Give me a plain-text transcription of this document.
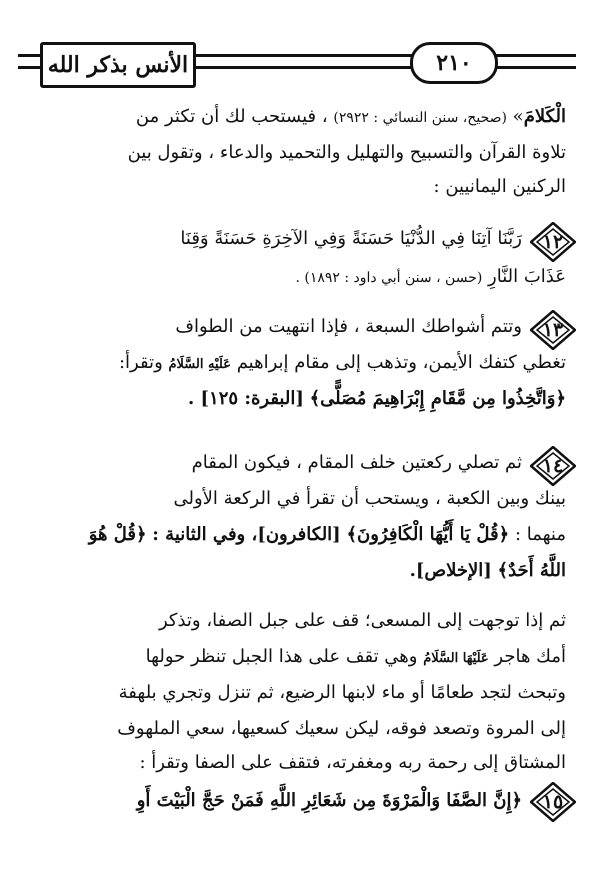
الأنس بذكر الله	٢١٠
الْكَلامَ» (صحيح، سنن النسائي : ٢٩٢٢) ، فيستحب لك أن تكثر من
تلاوة القرآن والتسبيح والتهليل والتحميد والدعاء ، وتقول بين
الركنين اليمانيين :
١٢
رَبَّنَا آتِنَا فِي الدُّنْيَا حَسَنَةً وَفِي الآخِرَةِ حَسَنَةً وَقِنَا
عَذَابَ النَّارِ (حسن ، سنن أبي داود : ١٨٩٢) .
١٣
وتتم أشواطك السبعة ، فإذا انتهيت من الطواف
تغطي كتفك الأيمن، وتذهب إلى مقام إبراهيم عَلَيْهِ السَّلَامُ وتقرأ:
﴿وَاتَّخِذُوا مِن مَّقَامِ إِبْرَاهِيمَ مُصَلًّى﴾ [البقرة: ١٢٥] .
١٤
ثم تصلي ركعتين خلف المقام ، فيكون المقام
بينك وبين الكعبة ، ويستحب أن تقرأ في الركعة الأولى
منهما : ﴿قُلْ يَا أَيُّهَا الْكَافِرُونَ﴾ [الكافرون]، وفي الثانية : ﴿قُلْ هُوَ
اللَّهُ أَحَدٌ﴾ [الإخلاص].
ثم إذا توجهت إلى المسعى؛ قف على جبل الصفا، وتذكر
أمك هاجر عَلَيْهَا السَّلَامُ وهي تقف على هذا الجبل تنظر حولها
وتبحث لتجد طعامًا أو ماء لابنها الرضيع، ثم تنزل وتجري بلهفة
إلى المروة وتصعد فوقه، ليكن سعيك كسعيها، سعي الملهوف
المشتاق إلى رحمة ربه ومغفرته، فتقف على الصفا وتقرأ :
١٥
﴿إِنَّ الصَّفَا وَالْمَرْوَةَ مِن شَعَائِرِ اللَّهِ فَمَنْ حَجَّ الْبَيْتَ أَوِ
